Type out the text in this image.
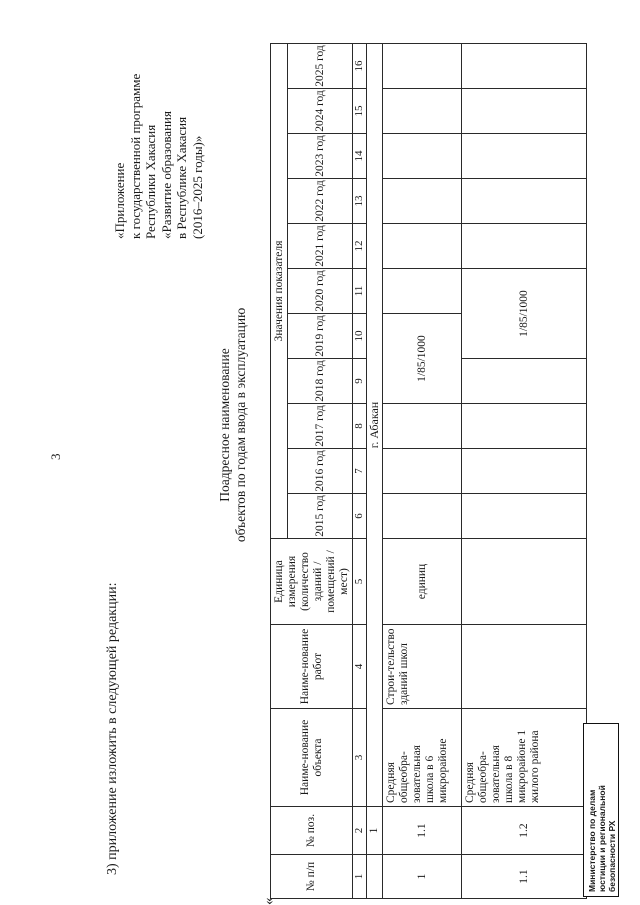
3
3) приложение изложить в следующей редакции:
«Приложение к государственной программе Республики Хакасия «Развитие образования в Республике Хакасия (2016–2025 годы)»
Поадресное наименование объектов по годам ввода в эксплуатацию
«
№ п/п	№ поз.	Наиме-нование объекта	Наиме-нование работ	Единица измерения (количество зданий / помещений / мест)	Значения показателя										
					2015 год	2016 год	2017 год	2018 год	2019 год	2020 год	2021 год	2022 год	2023 год	2024 год	2025 год
1	2	3	4	5	6	7	8	9	10	11	12	13	14	15	16
	1	г. Абакан													
1	1.1	Средняя общеобра-зовательная школа в 6 микрорайоне	Строи-тельство зданий школ	единиц				1/85/1000							
1.1	1.2	Средняя общеобра-зовательная школа в 8 микрорайоне 1 жилого района							1/85/1000						
Министерство по делам юстиции и региональной безопасности РХ
